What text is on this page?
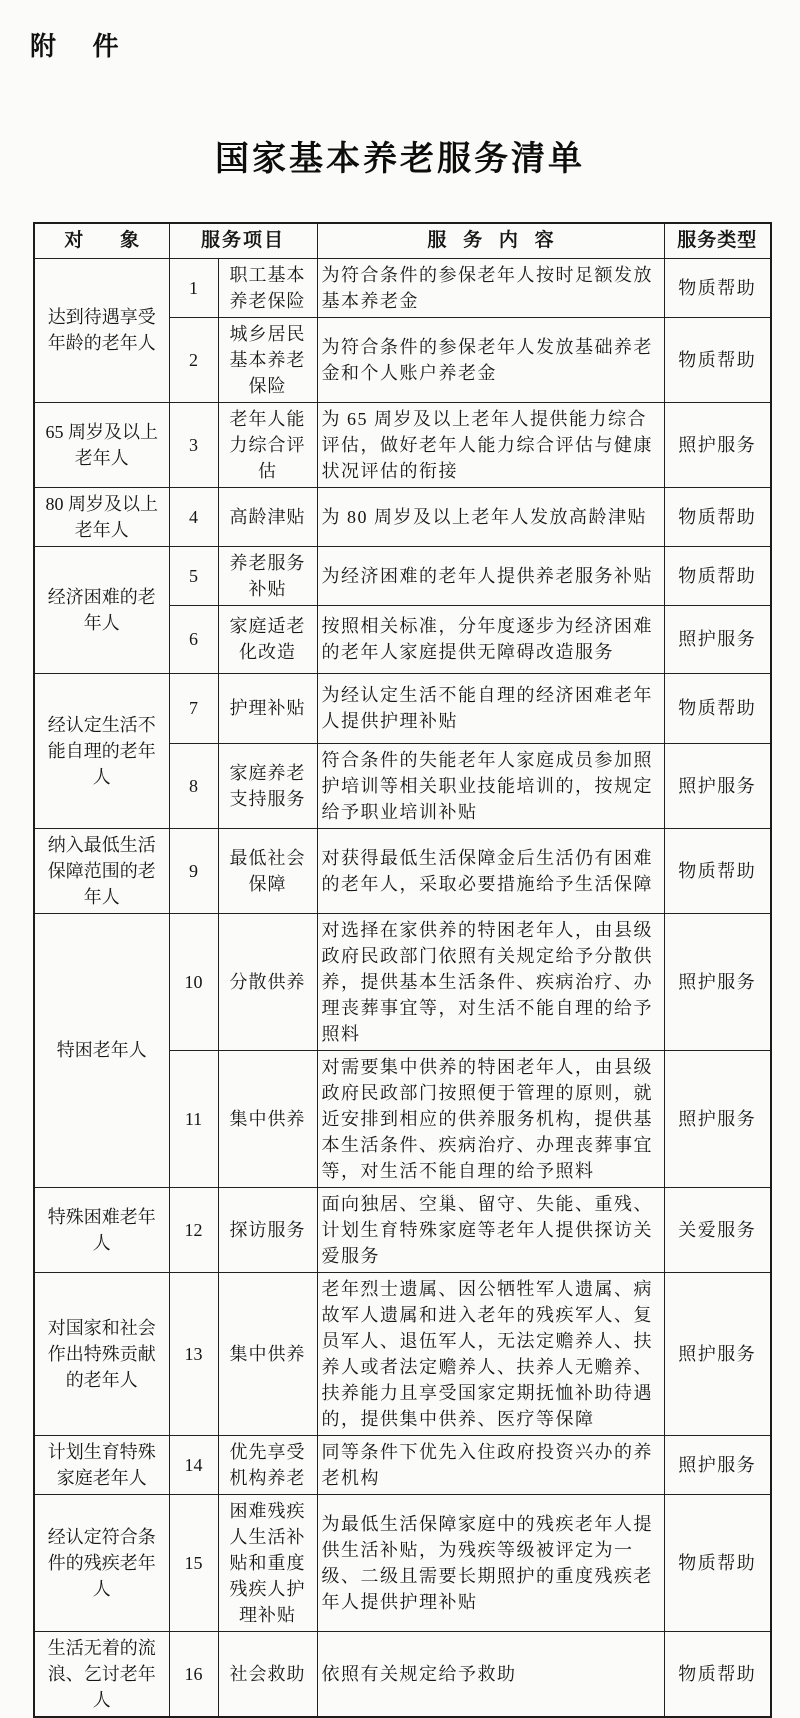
附 件
国家基本养老服务清单
对 象	服务项目		服 务 内 容	服务类型
达到待遇享受年龄的老年人	1	职工基本养老保险	为符合条件的参保老年人按时足额发放基本养老金	物质帮助
	2	城乡居民基本养老保险	为符合条件的参保老年人发放基础养老金和个人账户养老金	物质帮助
65 周岁及以上老年人	3	老年人能力综合评估	为 65 周岁及以上老年人提供能力综合评估，做好老年人能力综合评估与健康状况评估的衔接	照护服务
80 周岁及以上老年人	4	高龄津贴	为 80 周岁及以上老年人发放高龄津贴	物质帮助
经济困难的老年人	5	养老服务补贴	为经济困难的老年人提供养老服务补贴	物质帮助
	6	家庭适老化改造	按照相关标准，分年度逐步为经济困难的老年人家庭提供无障碍改造服务	照护服务
经认定生活不能自理的老年人	7	护理补贴	为经认定生活不能自理的经济困难老年人提供护理补贴	物质帮助
	8	家庭养老支持服务	符合条件的失能老年人家庭成员参加照护培训等相关职业技能培训的，按规定给予职业培训补贴	照护服务
纳入最低生活保障范围的老年人	9	最低社会保障	对获得最低生活保障金后生活仍有困难的老年人，采取必要措施给予生活保障	物质帮助
特困老年人	10	分散供养	对选择在家供养的特困老年人，由县级政府民政部门依照有关规定给予分散供养，提供基本生活条件、疾病治疗、办理丧葬事宜等，对生活不能自理的给予照料	照护服务
	11	集中供养	对需要集中供养的特困老年人，由县级政府民政部门按照便于管理的原则，就近安排到相应的供养服务机构，提供基本生活条件、疾病治疗、办理丧葬事宜等，对生活不能自理的给予照料	照护服务
特殊困难老年人	12	探访服务	面向独居、空巢、留守、失能、重残、计划生育特殊家庭等老年人提供探访关爱服务	关爱服务
对国家和社会作出特殊贡献的老年人	13	集中供养	老年烈士遗属、因公牺牲军人遗属、病故军人遗属和进入老年的残疾军人、复员军人、退伍军人，无法定赡养人、扶养人或者法定赡养人、扶养人无赡养、扶养能力且享受国家定期抚恤补助待遇的，提供集中供养、医疗等保障	照护服务
计划生育特殊家庭老年人	14	优先享受机构养老	同等条件下优先入住政府投资兴办的养老机构	照护服务
经认定符合条件的残疾老年人	15	困难残疾人生活补贴和重度残疾人护理补贴	为最低生活保障家庭中的残疾老年人提供生活补贴，为残疾等级被评定为一级、二级且需要长期照护的重度残疾老年人提供护理补贴	物质帮助
生活无着的流浪、乞讨老年人	16	社会救助	依照有关规定给予救助	物质帮助
